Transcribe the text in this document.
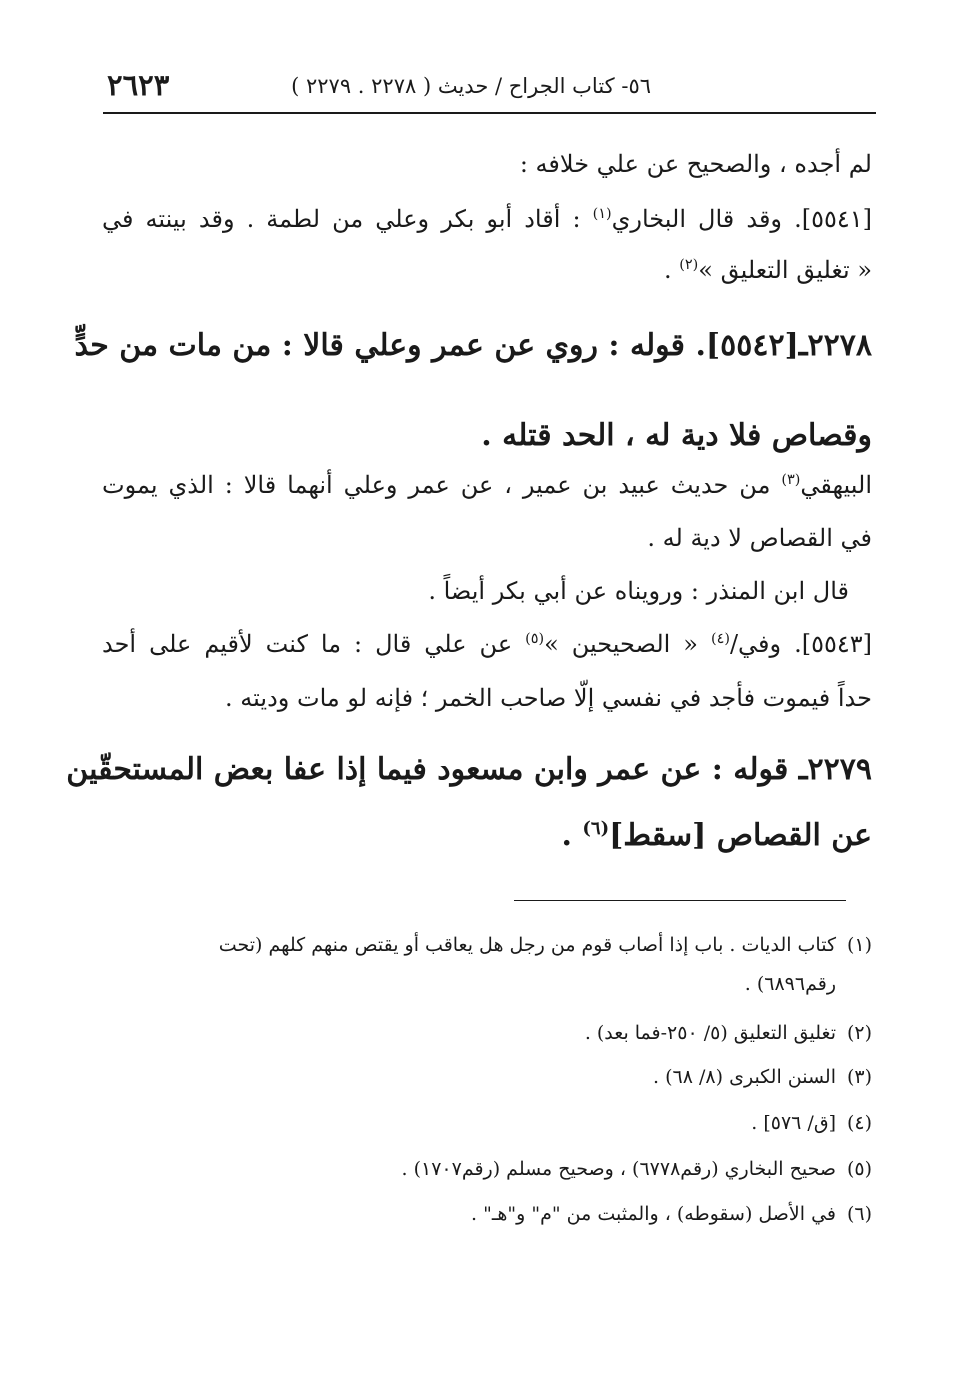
٥٦- كتاب الجراح / حديث ( ٢٢٧٨ . ٢٢٧٩ )
٢٦٢٣
لم أجده ، والصحيح عن علي خلافه :
[٥٥٤١]. وقد قال البخاري$^{(١)}$ : أقاد أبو بكر وعلي من لطمة . وقد بينته في
« تغليق التعليق »$^{(٢)}$ .
٢٢٧٨ـ[٥٥٤٢]. قوله : روي عن عمر وعلي قالا : من مات من حدٍّ
وقصاص فلا دية له ، الحد قتله .
البيهقي$^{(٣)}$ من حديث عبيد بن عمير ، عن عمر وعلي أنهما قالا : الذي يموت
في القصاص لا دية له .
قال ابن المنذر : ورويناه عن أبي بكر أيضاً .
[٥٥٤٣]. وفي/$^{(٤)}$ « الصحيحين »$^{(٥)}$ عن علي قال : ما كنت لأقيم على أحد
حداً فيموت فأجد في نفسي إلّا صاحب الخمر ؛ فإنه لو مات وديته .
٢٢٧٩ـ قوله : عن عمر وابن مسعود فيما إذا عفا بعض المستحقّين
عن القصاص [سقط]$^{(٦)}$ .
(١)كتاب الديات . باب إذا أصاب قوم من رجل هل يعاقب أو يقتص منهم كلهم (تحت
رقم٦٨٩٦) .
(٢)تغليق التعليق (٥/ ٢٥٠-فما بعد) .
(٣)السنن الكبرى (٨/ ٦٨) .
(٤)[ق/ ٥٧٦] .
(٥)صحيح البخاري (رقم٦٧٧٨) ، وصحيح مسلم (رقم١٧٠٧) .
(٦)في الأصل (سقوطه) ، والمثبت من "م" و"هـ" .
